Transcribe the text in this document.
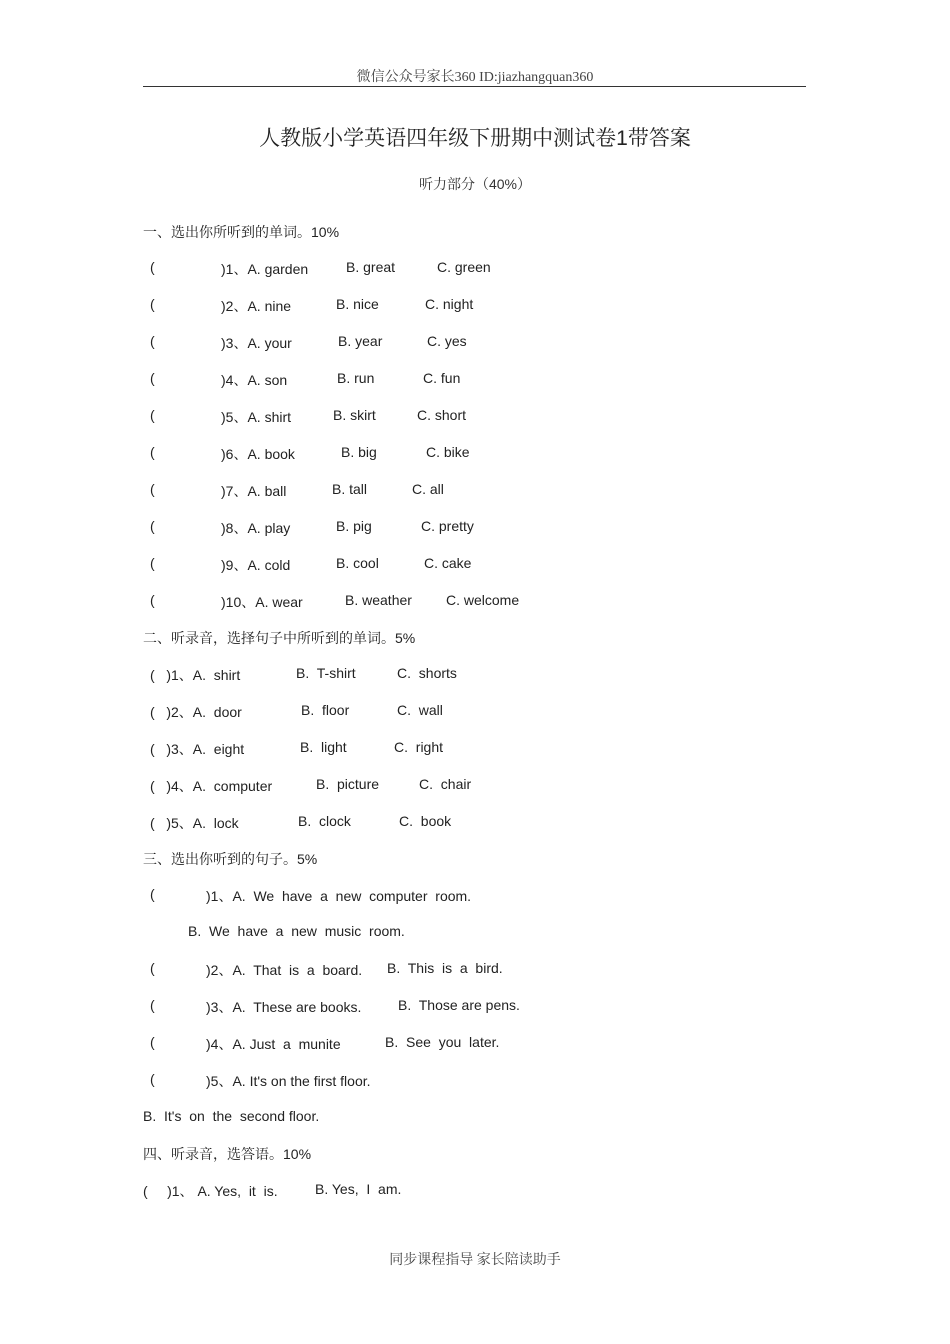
微信公众号家长360 ID:jiazhangquan360
人教版小学英语四年级下册期中测试卷1带答案
听力部分（40%）
一、选出你所听到的单词。10%
(	)1、A. garden	B. great	C. green
(	)2、A. nine	B. nice	C. night
(	)3、A. your	B. year	C. yes
(	)4、A. son	B. run	C. fun
(	)5、A. shirt	B. skirt	C. short
(	)6、A. book	B. big	C. bike
(	)7、A. ball	B. tall	C. all
(	)8、A. play	B. pig	C. pretty
(	)9、A. cold	B. cool	C. cake
(	)10、A. wear	B. weather C. welcome
二、听录音，选择句子中所听到的单词。5%
(   )1、A.  shirt	B.  T-shirt	C.  shorts
(   )2、A.  door	B.  floor	C.  wall
(   )3、A.  eight	B.  light	C.  right
(   )4、A.  computer	B.  picture	C.  chair
(   )5、A.  lock	B.  clock	C.  book
三、选出你听到的句子。5%
(	)1、A.  We  have  a  new  computer  room.
B.  We  have  a  new  music  room.
(	)2、A.  That  is  a  board. B.  This  is  a  bird.
(	)3、A.  These are books.	B.  Those are pens.
(	)4、A. Just  a  munite	B.  See  you  later.
(	)5、A. It's on the first floor.
B.  It's  on  the  second floor.
四、听录音，选答语。10%
(     )1、 A. Yes,  it  is.	B. Yes,  I  am.
同步课程指导 家长陪读助手
